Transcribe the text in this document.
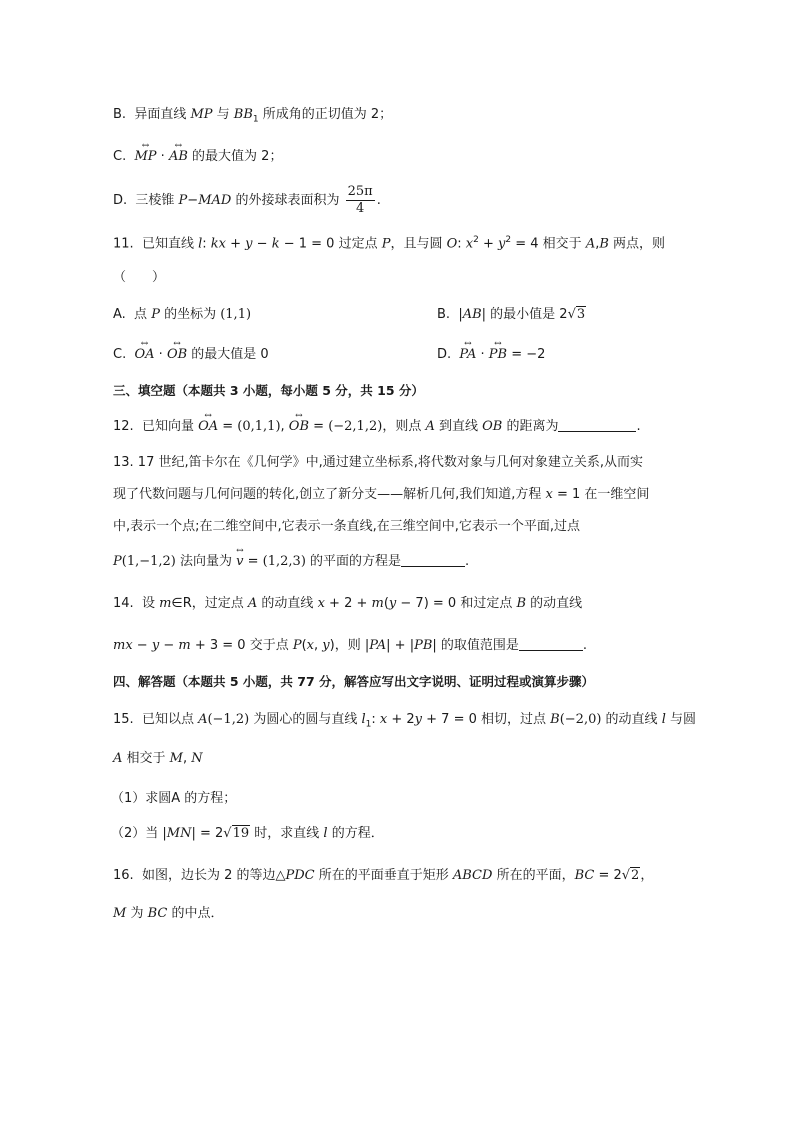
B.  异面直线 MP 与 $BB_1$ 所成角的正切值为 2；
C.  ↔ MP · ↔ AB 的最大值为 2；
D.  三棱锥 P−MAD 的外接球表面积为 $\frac{25\pi}{4}$ .
11.  已知直线 l: kx + y − k − 1 = 0 过定点 P，且与圆 O: $x^2 + y^2 = 4$ 相交于 A,B 两点，则
（　　）
A.  点 P 的坐标为 (1,1)	B.  |AB| 的最小值是 2√3
C.  ↔ OA · ↔ OB 的最大值是 0	D.  ↔ PA · ↔ PB = −2
三、填空题（本题共 3 小题，每小题 5 分，共 15 分）
12.  已知向量 ↔ OA = (0,1,1), ↔ OB = (−2,1,2)，则点 A 到直线 OB 的距离为	.
13. 17 世纪,笛卡尔在《几何学》中,通过建立坐标系,将代数对象与几何对象建立关系,从而实
现了代数问题与几何问题的转化,创立了新分支——解析几何,我们知道,方程 x = 1 在一维空间
中,表示一个点;在二维空间中,它表示一条直线,在三维空间中,它表示一个平面,过点
P(1,−1,2) 法向量为 ↔ v = (1,2,3) 的平面的方程是	.
14.  设 m∈R，过定点 A 的动直线 x + 2 + m(y − 7) = 0 和过定点 B 的动直线
mx − y − m + 3 = 0 交于点 P(x, y)，则 |PA| + |PB| 的取值范围是	.
四、解答题（本题共 5 小题，共 77 分，解答应写出文字说明、证明过程或演算步骤）
15.  已知以点 A(−1,2) 为圆心的圆与直线 $l_1$: x + 2y + 7 = 0 相切，过点 B(−2,0) 的动直线 l 与圆
A 相交于 M, N
（1）求圆A 的方程；
（2）当 |MN| = 2√19 时，求直线 l 的方程．
16.  如图，边长为 2 的等边△PDC 所在的平面垂直于矩形 ABCD 所在的平面，BC = 2√2，
M 为 BC 的中点．
